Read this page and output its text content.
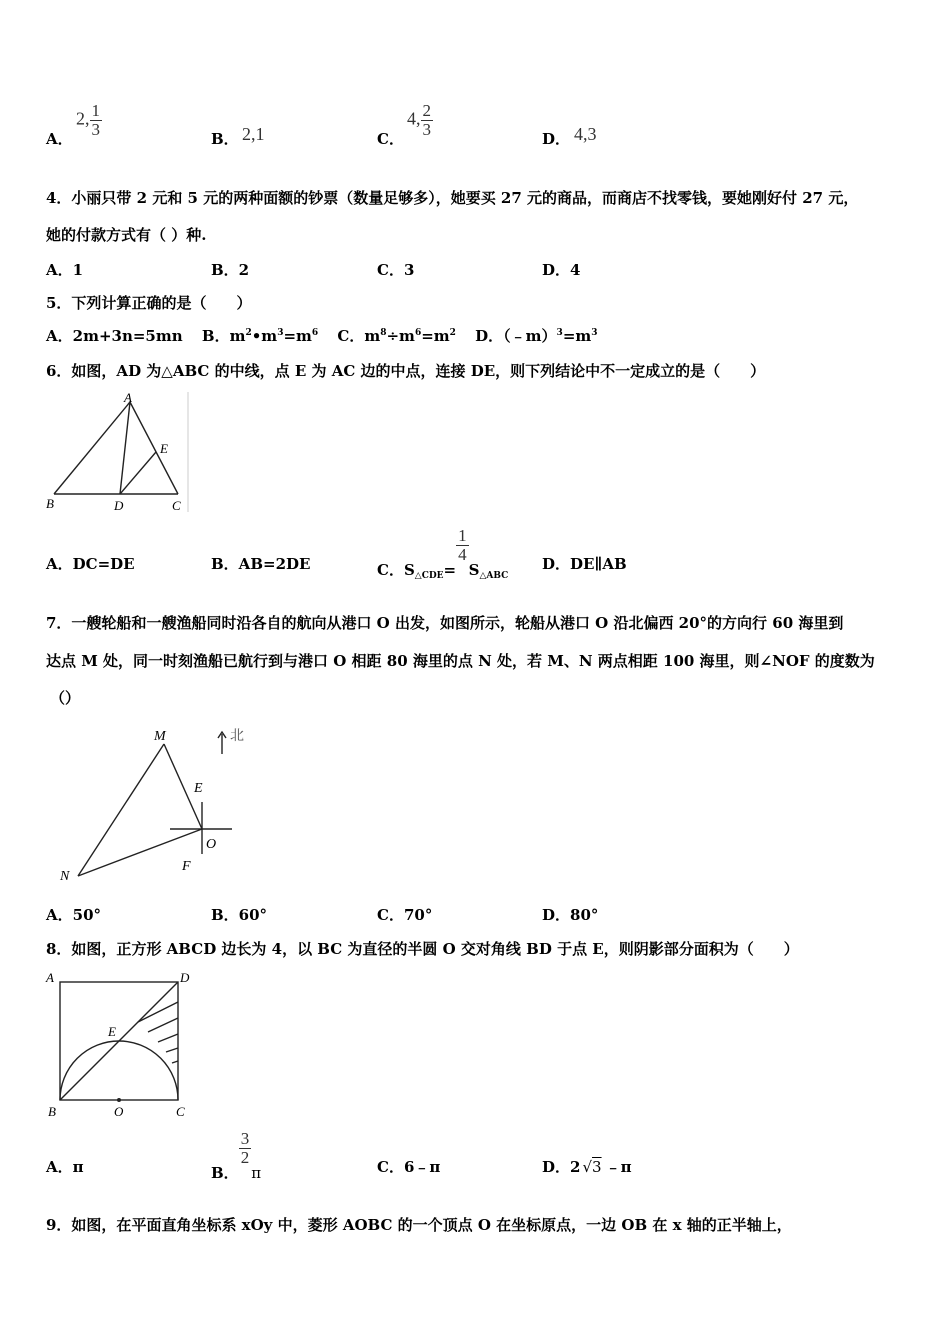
A．
2, $\frac{1}{3}$
B． 2,1	C．
4, $\frac{2}{3}$
D． 4,3
4．小丽只带 2 元和 5 元的两种面额的钞票（数量足够多），她要买 27 元的商品，而商店不找零钱，要她刚好付 27 元，
她的付款方式有（ ）种.
A．1	B．2	C．3	D．4
5．下列计算正确的是（　　）
A．2m+3n=5mn B．$m^2•m^3=m^6$ C．$m^8\div m^6=m^2$ D．$(﹣m)^3=m^3$
6．如图，AD 为△ABC 的中线，点 E 为 AC 边的中点，连接 DE，则下列结论中不一定成立的是（　　）
A
B	C
D
E
A．DC=DE	B．AB=2DE	C．$S_{\triangle CDE}=$
$\frac{1}{4}$
$S_{\triangle ABC}$
D．DE∥AB
7．一艘轮船和一艘渔船同时沿各自的航向从港口 O 出发，如图所示，轮船从港口 O 沿北偏西 20°的方向行 60 海里到
达点 M 处，同一时刻渔船已航行到与港口 O 相距 80 海里的点 N 处，若 M、N 两点相距 100 海里，则∠NOF 的度数为
（）
M
N
E
O
F
北
A．50°	B．60°	C．70°	D．80°
8．如图，正方形 ABCD 边长为 4，以 BC 为直径的半圆 O 交对角线 BD 于点 E，则阴影部分面积为（　　）
A	D
B	C
O
E
A．π	B．
$\frac{3}{2}$
π	C．6﹣π	D．2 √3 ﹣π
9．如图，在平面直角坐标系 xOy 中，菱形 AOBC 的一个顶点 O 在坐标原点，一边 OB 在 x 轴的正半轴上，
